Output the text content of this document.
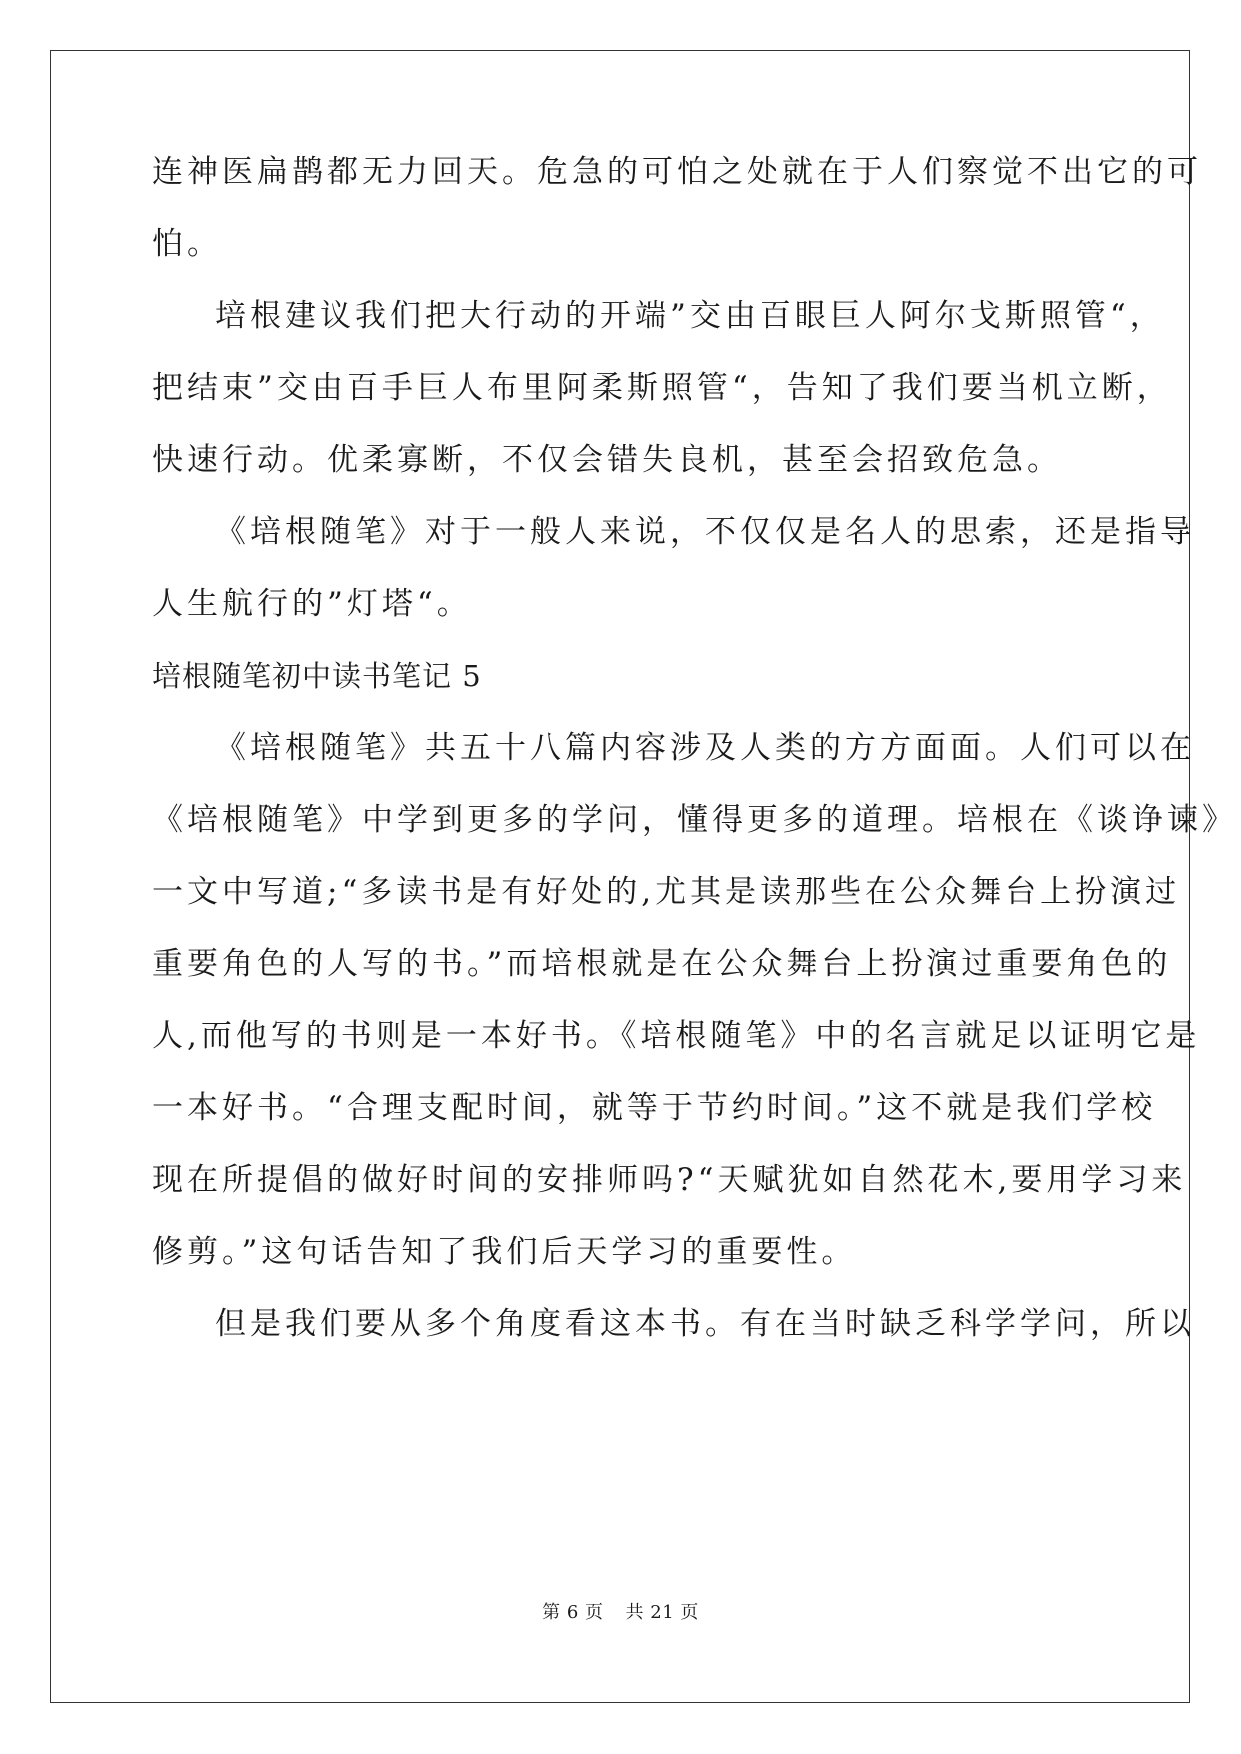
连神医扁鹊都无力回天。危急的可怕之处就在于人们察觉不出它的可
怕。
培根建议我们把大行动的开端”交由百眼巨人阿尔戈斯照管“，
把结束”交由百手巨人布里阿柔斯照管“，告知了我们要当机立断，
快速行动。优柔寡断，不仅会错失良机，甚至会招致危急。
《培根随笔》对于一般人来说，不仅仅是名人的思索，还是指导
人生航行的”灯塔“。
培根随笔初中读书笔记 5
《培根随笔》共五十八篇内容涉及人类的方方面面。人们可以在
《培根随笔》中学到更多的学问，懂得更多的道理。培根在《谈诤谏》
一文中写道;“多读书是有好处的,尤其是读那些在公众舞台上扮演过
重要角色的人写的书。”而培根就是在公众舞台上扮演过重要角色的
人,而他写的书则是一本好书。《培根随笔》中的名言就足以证明它是
一本好书。“合理支配时间，就等于节约时间。”这不就是我们学校
现在所提倡的做好时间的安排师吗?“天赋犹如自然花木,要用学习来
修剪。”这句话告知了我们后天学习的重要性。
但是我们要从多个角度看这本书。有在当时缺乏科学学问，所以
第 6 页 共 21 页
